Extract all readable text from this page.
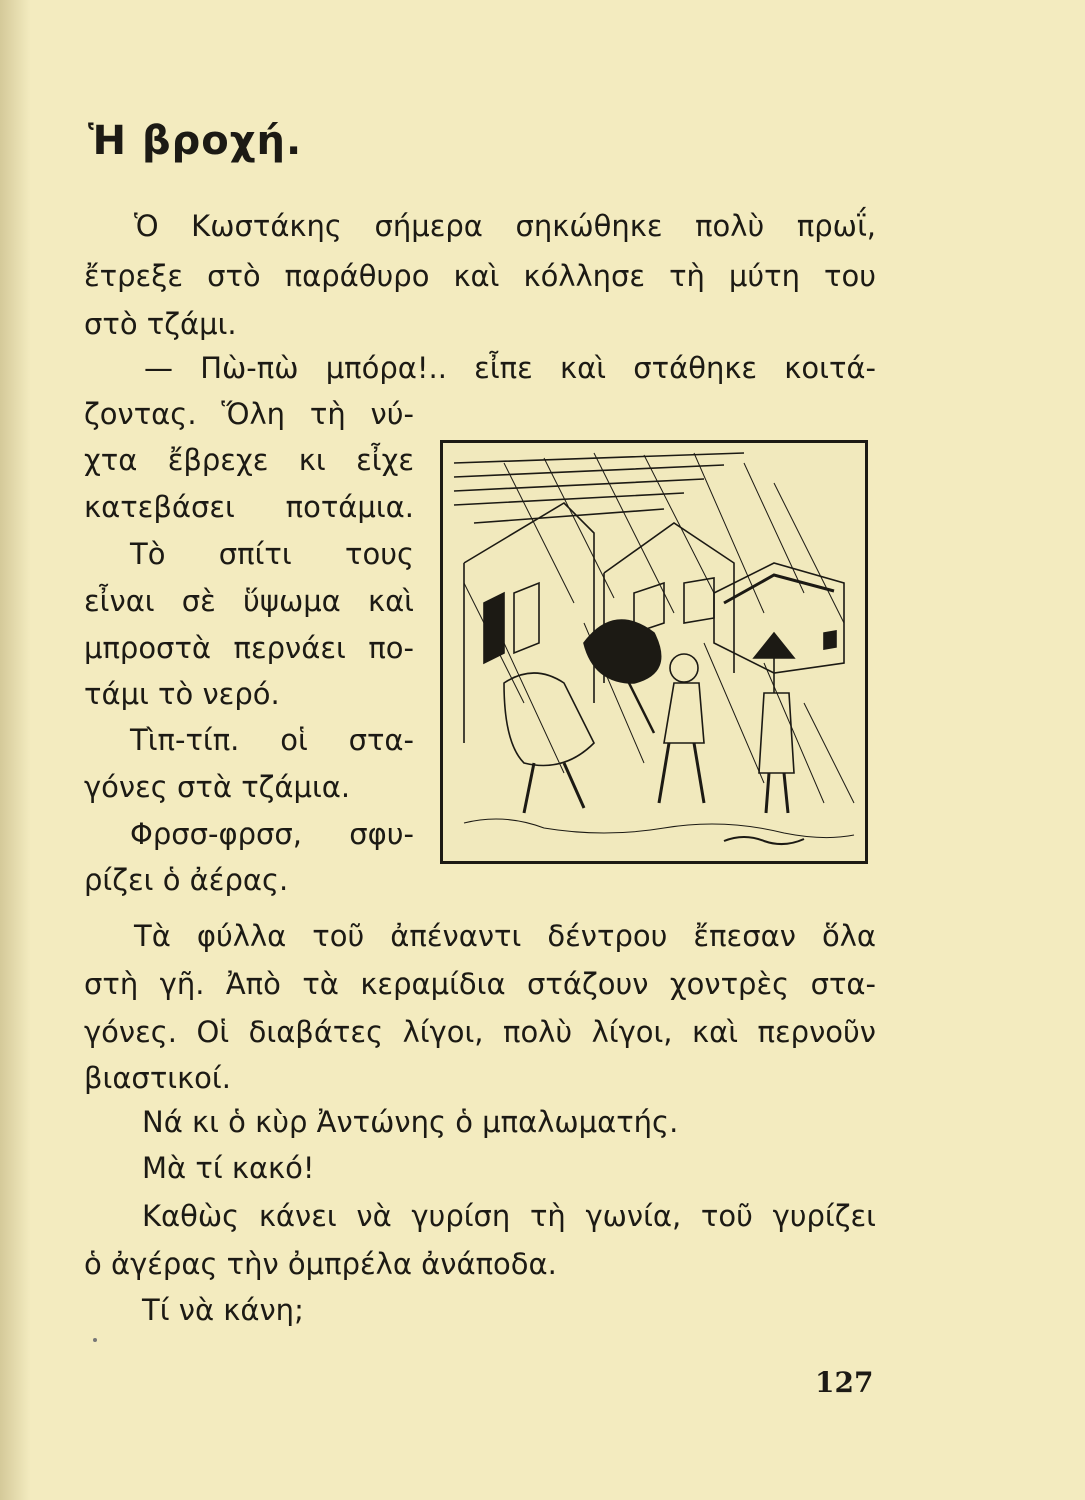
Ἡ βροχή.
Ὁ Κωστάκης σήμερα σηκώθηκε πολὺ πρωΐ,
ἔτρεξε στὸ παράθυρο καὶ κόλλησε τὴ μύτη του
στὸ τζάμι.
— Πὼ-πὼ μπόρα!.. εἶπε καὶ στάθηκε κοιτά-
ζοντας. Ὅλη τὴ νύ-
χτα ἔβρεχε κι εἶχε
κατεβάσει ποτάμια.
Τὸ σπίτι τους
εἶναι σὲ ὕψωμα καὶ
μπροστὰ περνάει πο-
τάμι τὸ νερό.
Τὶπ-τίπ. οἱ στα-
γόνες στὰ τζάμια.
Φρσσ-φρσσ, σφυ-
ρίζει ὁ ἀέρας.
Τὰ φύλλα τοῦ ἀπέναντι δέντρου ἔπεσαν ὅλα
στὴ γῆ. Ἀπὸ τὰ κεραμίδια στάζουν χοντρὲς στα-
γόνες. Οἱ διαβάτες λίγοι, πολὺ λίγοι, καὶ περνοῦν
βιαστικοί.
Νά κι ὁ κὺρ Ἀντώνης ὁ μπαλωματής.
Μὰ τί κακό!
Καθὼς κάνει νὰ γυρίση τὴ γωνία, τοῦ γυρίζει
ὁ ἀγέρας τὴν ὀμπρέλα ἀνάποδα.
Τί νὰ κάνη;
127
